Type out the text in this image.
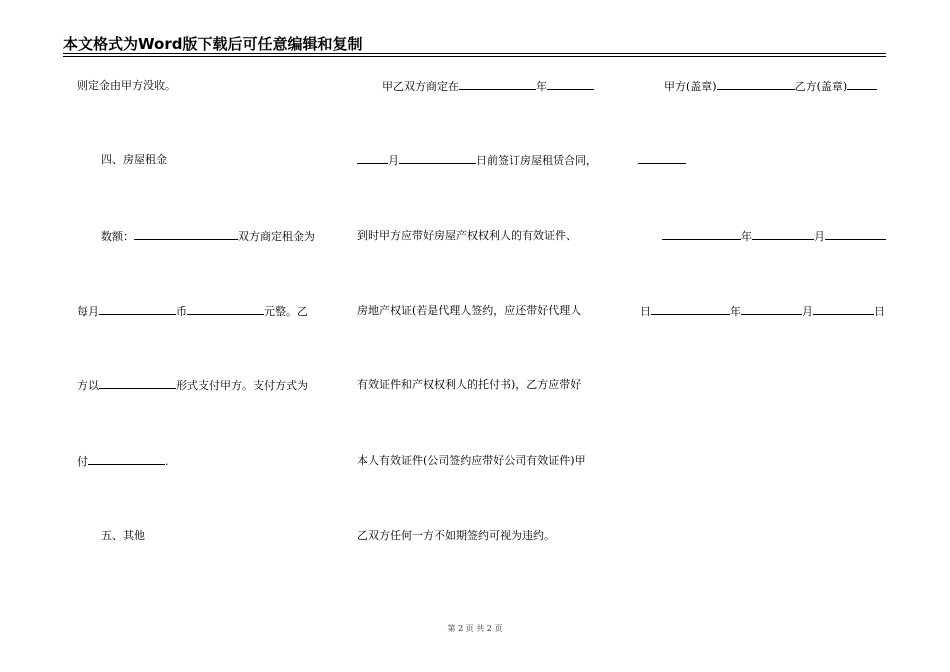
本文格式为Word版下载后可任意编辑和复制
则定金由甲方没收。
四、房屋租金
数额：	双方商定租金为
每月	币	元整。乙
方以	形式支付甲方。支付方式为
付	.
五、其他
甲乙双方商定在	年
月	日前签订房屋租赁合同，
到时甲方应带好房屋产权权利人的有效证件、
房地产权证(若是代理人签约，应还带好代理人
有效证件和产权权利人的托付书)，乙方应带好
本人有效证件(公司签约应带好公司有效证件)甲
乙双方任何一方不如期签约可视为违约。
甲方(盖章)	乙方(盖章)
年	月
日	年	月	日
第 2 页 共 2 页
